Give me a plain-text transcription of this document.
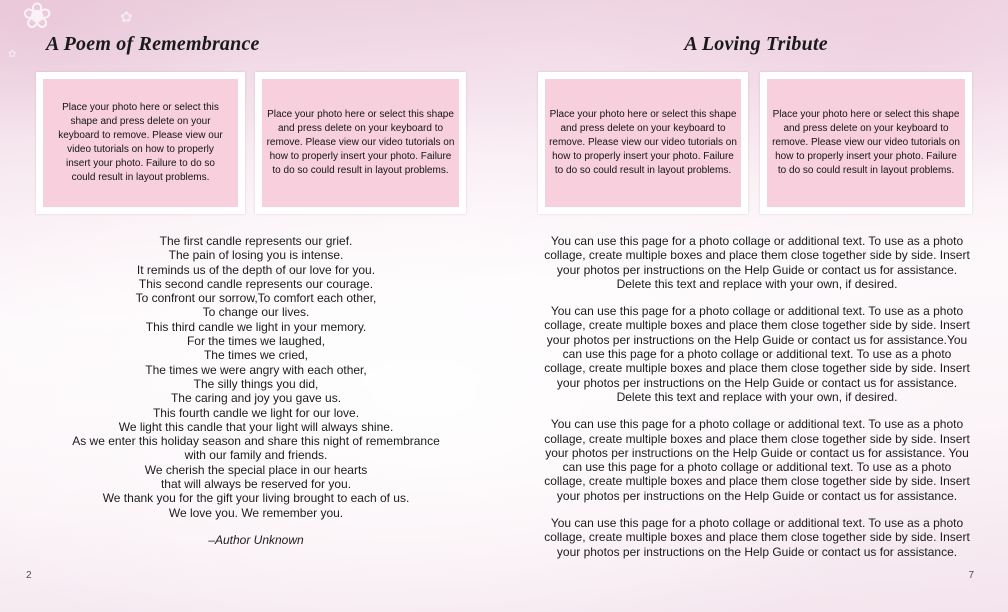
❀	✿
✿ A Poem of Remembrance

Place your photo here or select this shape and press delete on your keyboard to remove. Please view our video tutorials on how to properly insert your photo. Failure to do so could result in layout problems.

Place your photo here or select this shape and press delete on your keyboard to remove. Please view our video tutorials on how to properly insert your photo. Failure to do so could result in layout problems.

The first candle represents our grief.
The pain of losing you is intense.
It reminds us of the depth of our love for you.
This second candle represents our courage.
To confront our sorrow,To comfort each other,
To change our lives.
This third candle we light in your memory.
For the times we laughed,
The times we cried,
The times we were angry with each other,
The silly things you did,
The caring and joy you gave us.
This fourth candle we light for our love.
We light this candle that your light will always shine.
As we enter this holiday season and share this night of remembrance
with our family and friends.
We cherish the special place in our hearts
that will always be reserved for you.
We thank you for the gift your living brought to each of us.
We love you. We remember you.
–Author Unknown
2
A Loving Tribute

Place your photo here or select this shape and press delete on your keyboard to remove. Please view our video tutorials on how to properly insert your photo. Failure to do so could result in layout problems.

Place your photo here or select this shape and press delete on your keyboard to remove. Please view our video tutorials on how to properly insert your photo. Failure to do so could result in layout problems.

You can use this page for a photo collage or additional text. To use as a photo collage, create multiple boxes and place them close together side by side. Insert your photos per instructions on the Help Guide or contact us for assistance. Delete this text and replace with your own, if desired.

You can use this page for a photo collage or additional text. To use as a photo collage, create multiple boxes and place them close together side by side. Insert your photos per instructions on the Help Guide or contact us for assistance.You can use this page for a photo collage or additional text. To use as a photo collage, create multiple boxes and place them close together side by side. Insert your photos per instructions on the Help Guide or contact us for assistance. Delete this text and replace with your own, if desired.

You can use this page for a photo collage or additional text. To use as a photo collage, create multiple boxes and place them close together side by side. Insert your photos per instructions on the Help Guide or contact us for assistance. You can use this page for a photo collage or additional text. To use as a photo collage, create multiple boxes and place them close together side by side. Insert your photos per instructions on the Help Guide or contact us for assistance.

You can use this page for a photo collage or additional text. To use as a photo collage, create multiple boxes and place them close together side by side. Insert your photos per instructions on the Help Guide or contact us for assistance.

7
